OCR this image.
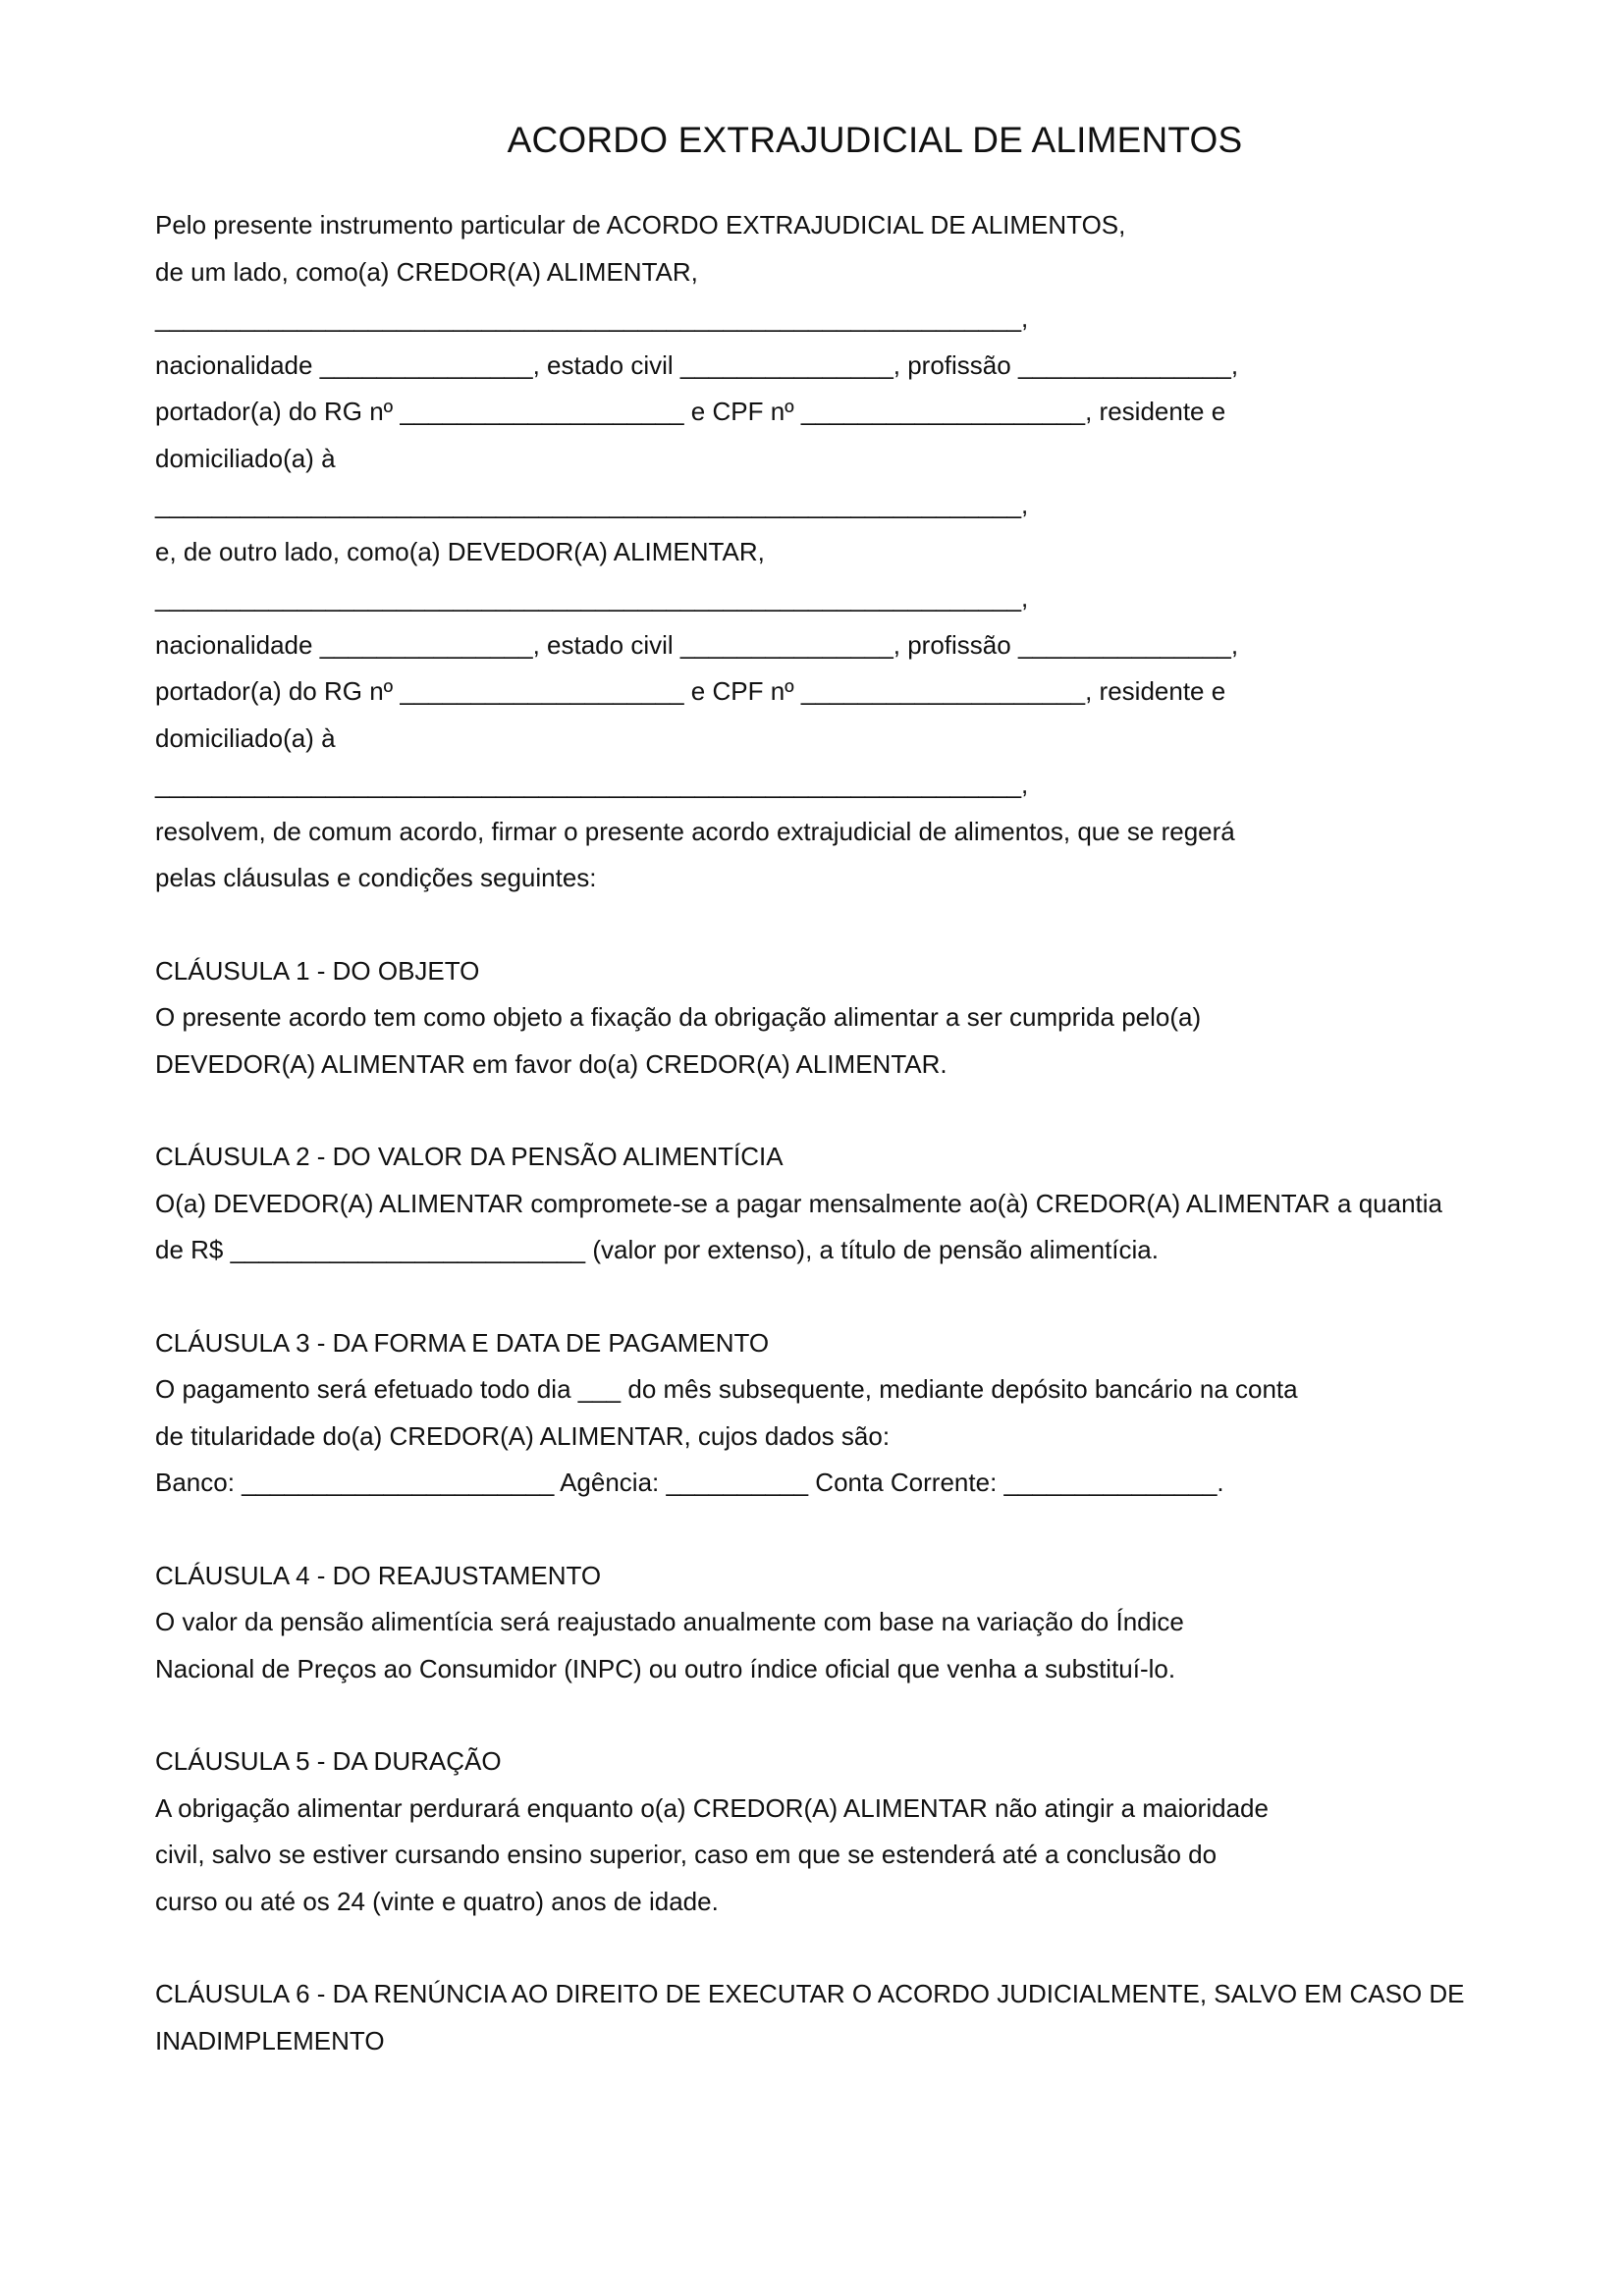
ACORDO EXTRAJUDICIAL DE ALIMENTOS
Pelo presente instrumento particular de ACORDO EXTRAJUDICIAL DE ALIMENTOS,
de um lado, como(a) CREDOR(A) ALIMENTAR,
_____________________________________________________________,
nacionalidade _______________, estado civil _______________, profissão _______________,
portador(a) do RG nº ____________________ e CPF nº ____________________, residente e
domiciliado(a) à
_____________________________________________________________,
e, de outro lado, como(a) DEVEDOR(A) ALIMENTAR,
_____________________________________________________________,
nacionalidade _______________, estado civil _______________, profissão _______________,
portador(a) do RG nº ____________________ e CPF nº ____________________, residente e
domiciliado(a) à
_____________________________________________________________,
resolvem, de comum acordo, firmar o presente acordo extrajudicial de alimentos, que se regerá
pelas cláusulas e condições seguintes:
CLÁUSULA 1 - DO OBJETO
O presente acordo tem como objeto a fixação da obrigação alimentar a ser cumprida pelo(a)
DEVEDOR(A) ALIMENTAR em favor do(a) CREDOR(A) ALIMENTAR.
CLÁUSULA 2 - DO VALOR DA PENSÃO ALIMENTÍCIA
O(a) DEVEDOR(A) ALIMENTAR compromete-se a pagar mensalmente ao(à) CREDOR(A) ALIMENTAR a quantia
de R$ _________________________ (valor por extenso), a título de pensão alimentícia.
CLÁUSULA 3 - DA FORMA E DATA DE PAGAMENTO
O pagamento será efetuado todo dia ___ do mês subsequente, mediante depósito bancário na conta
de titularidade do(a) CREDOR(A) ALIMENTAR, cujos dados são:
Banco: ______________________ Agência: __________ Conta Corrente: _______________.
CLÁUSULA 4 - DO REAJUSTAMENTO
O valor da pensão alimentícia será reajustado anualmente com base na variação do Índice
Nacional de Preços ao Consumidor (INPC) ou outro índice oficial que venha a substituí-lo.
CLÁUSULA 5 - DA DURAÇÃO
A obrigação alimentar perdurará enquanto o(a) CREDOR(A) ALIMENTAR não atingir a maioridade
civil, salvo se estiver cursando ensino superior, caso em que se estenderá até a conclusão do
curso ou até os 24 (vinte e quatro) anos de idade.
CLÁUSULA 6 - DA RENÚNCIA AO DIREITO DE EXECUTAR O ACORDO JUDICIALMENTE, SALVO EM CASO DE
INADIMPLEMENTO
